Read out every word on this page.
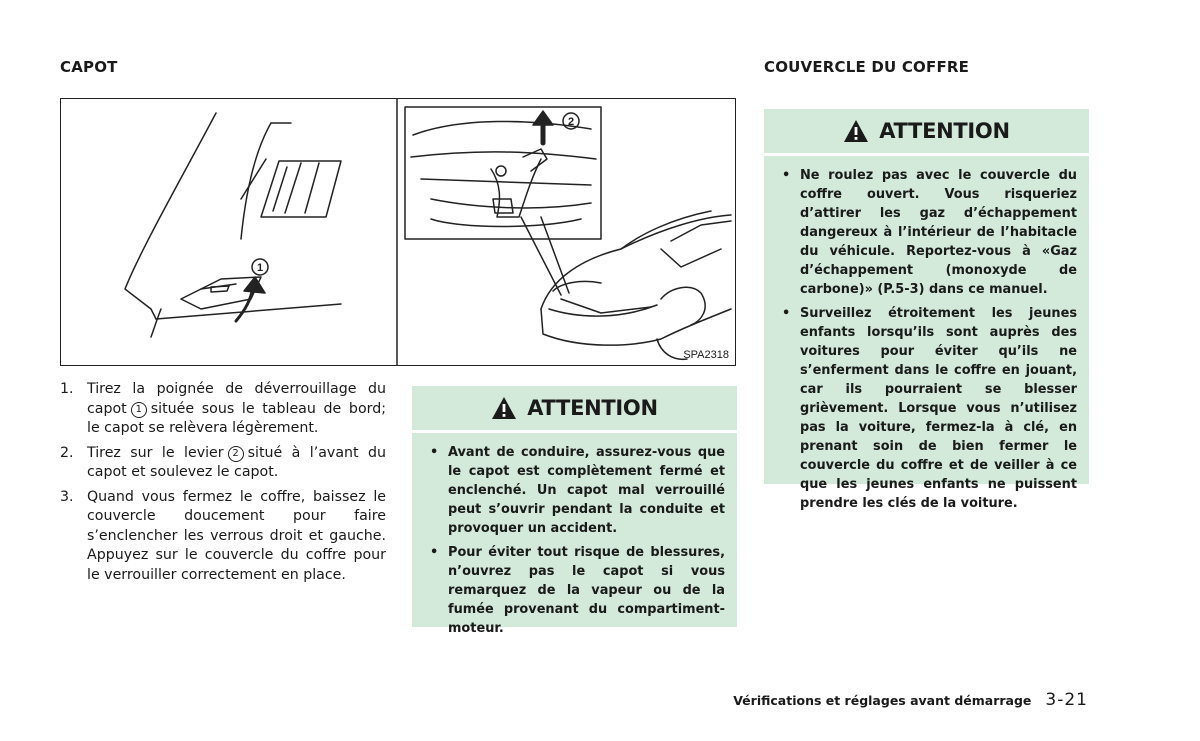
CAPOT	COUVERCLE DU COFFRE
1
2
SPA2318
1. Tirez la poignée de déverrouillage du capot 1 située sous le tableau de bord; le capot se relèvera légèrement.
2. Tirez sur le levier 2 situé à l’avant du capot et soulevez le capot.
3. Quand vous fermez le coffre, baissez le couvercle doucement pour faire s’enclencher les verrous droit et gauche. Appuyez sur le couvercle du coffre pour le verrouiller correctement en place.
ATTENTION
• Avant de conduire, assurez-vous que le capot est complètement fermé et enclenché. Un capot mal verrouillé peut s’ouvrir pendant la conduite et provoquer un accident.
• Pour éviter tout risque de blessures, n’ouvrez pas le capot si vous remarquez de la vapeur ou de la fumée provenant du compartiment-moteur.
ATTENTION
• Ne roulez pas avec le couvercle du coffre ouvert. Vous risqueriez d’attirer les gaz d’échappement dangereux à l’intérieur de l’habitacle du véhicule. Reportez-vous à «Gaz d’échappement (monoxyde de carbone)» (P.5-3) dans ce manuel.
• Surveillez étroitement les jeunes enfants lorsqu’ils sont auprès des voitures pour éviter qu’ils ne s’enferment dans le coffre en jouant, car ils pourraient se blesser grièvement. Lorsque vous n’utilisez pas la voiture, fermez-la à clé, en prenant soin de bien fermer le couvercle du coffre et de veiller à ce que les jeunes enfants ne puissent prendre les clés de la voiture.
Vérifications et réglages avant démarrage 3-21
